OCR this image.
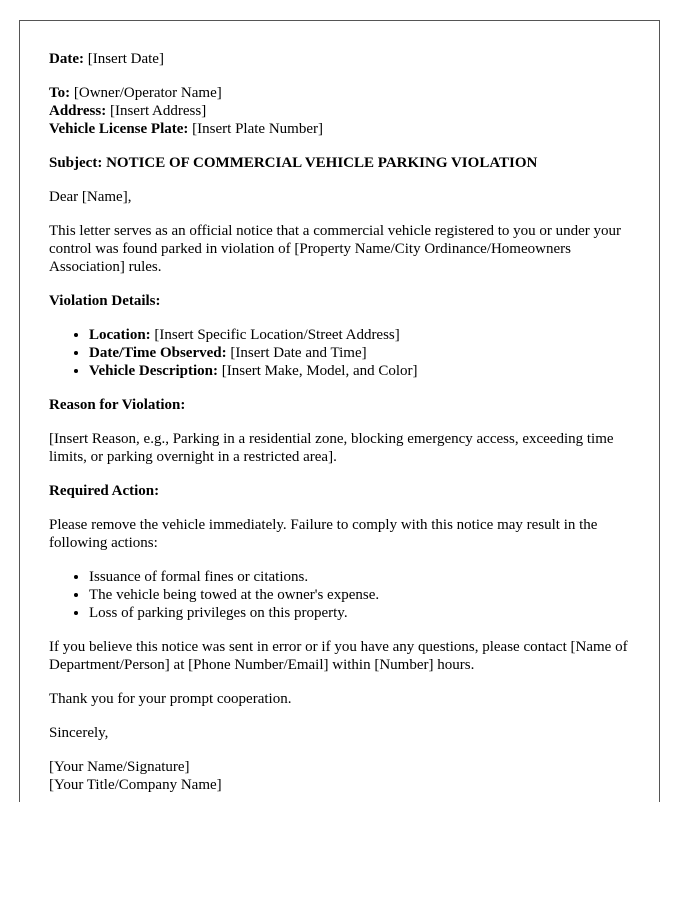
Date: [Insert Date]

To: [Owner/Operator Name]
Address: [Insert Address]
Vehicle License Plate: [Insert Plate Number]

Subject: NOTICE OF COMMERCIAL VEHICLE PARKING VIOLATION

Dear [Name],

This letter serves as an official notice that a commercial vehicle registered to you or under your control was found parked in violation of [Property Name/City Ordinance/Homeowners Association] rules.

Violation Details:

• Location: [Insert Specific Location/Street Address]
• Date/Time Observed: [Insert Date and Time]
• Vehicle Description: [Insert Make, Model, and Color]

Reason for Violation:

[Insert Reason, e.g., Parking in a residential zone, blocking emergency access, exceeding time limits, or parking overnight in a restricted area].

Required Action:

Please remove the vehicle immediately. Failure to comply with this notice may result in the following actions:

• Issuance of formal fines or citations.
• The vehicle being towed at the owner's expense.
• Loss of parking privileges on this property.

If you believe this notice was sent in error or if you have any questions, please contact [Name of Department/Person] at [Phone Number/Email] within [Number] hours.

Thank you for your prompt cooperation.

Sincerely,

[Your Name/Signature]
[Your Title/Company Name]
